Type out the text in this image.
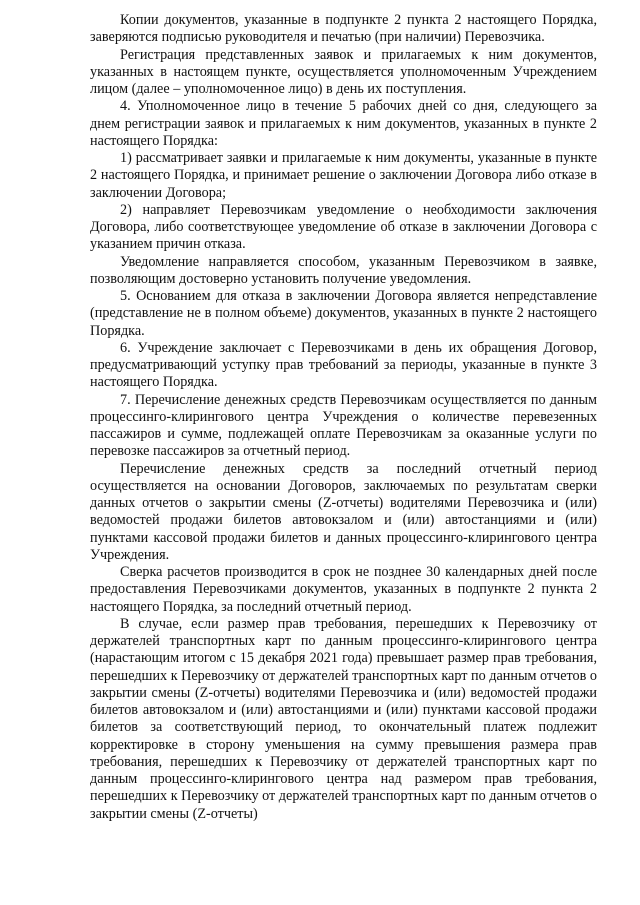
Копии документов, указанные в подпункте 2 пункта 2 настоящего Порядка, заверяются подписью руководителя и печатью (при наличии) Перевозчика.

Регистрация представленных заявок и прилагаемых к ним документов, указанных в настоящем пункте, осуществляется уполномоченным Учреждением лицом (далее – уполномоченное лицо) в день их поступления.

4. Уполномоченное лицо в течение 5 рабочих дней со дня, следующего за днем регистрации заявок и прилагаемых к ним документов, указанных в пункте 2 настоящего Порядка:

1) рассматривает заявки и прилагаемые к ним документы, указанные в пункте 2 настоящего Порядка, и принимает решение о заключении Договора либо отказе в заключении Договора;

2) направляет Перевозчикам уведомление о необходимости заключения Договора, либо соответствующее уведомление об отказе в заключении Договора с указанием причин отказа.

Уведомление направляется способом, указанным Перевозчиком в заявке, позволяющим достоверно установить получение уведомления.

5. Основанием для отказа в заключении Договора является непредставление (представление не в полном объеме) документов, указанных в пункте 2 настоящего Порядка.

6. Учреждение заключает с Перевозчиками в день их обращения Договор, предусматривающий уступку прав требований за периоды, указанные в пункте 3 настоящего Порядка.

7. Перечисление денежных средств Перевозчикам осуществляется по данным процессинго-клирингового центра Учреждения о количестве перевезенных пассажиров и сумме, подлежащей оплате Перевозчикам за оказанные услуги по перевозке пассажиров за отчетный период.

Перечисление денежных средств за последний отчетный период осуществляется на основании Договоров, заключаемых по результатам сверки данных отчетов о закрытии смены (Z-отчеты) водителями Перевозчика и (или) ведомостей продажи билетов автовокзалом и (или) автостанциями и (или) пунктами кассовой продажи билетов и данных процессинго-клирингового центра Учреждения.

Сверка расчетов производится в срок не позднее 30 календарных дней после предоставления Перевозчиками документов, указанных в подпункте 2 пункта 2 настоящего Порядка, за последний отчетный период.

В случае, если размер прав требования, перешедших к Перевозчику от держателей транспортных карт по данным процессинго-клирингового центра (нарастающим итогом с 15 декабря 2021 года) превышает размер прав требования, перешедших к Перевозчику от держателей транспортных карт по данным отчетов о закрытии смены (Z-отчеты) водителями Перевозчика и (или) ведомостей продажи билетов автовокзалом и (или) автостанциями и (или) пунктами кассовой продажи билетов за соответствующий период, то окончательный платеж подлежит корректировке в сторону уменьшения на сумму превышения размера прав требования, перешедших к Перевозчику от держателей транспортных карт по данным процессинго-клирингового центра над размером прав требования, перешедших к Перевозчику от держателей транспортных карт по данным отчетов о закрытии смены (Z-отчеты)
